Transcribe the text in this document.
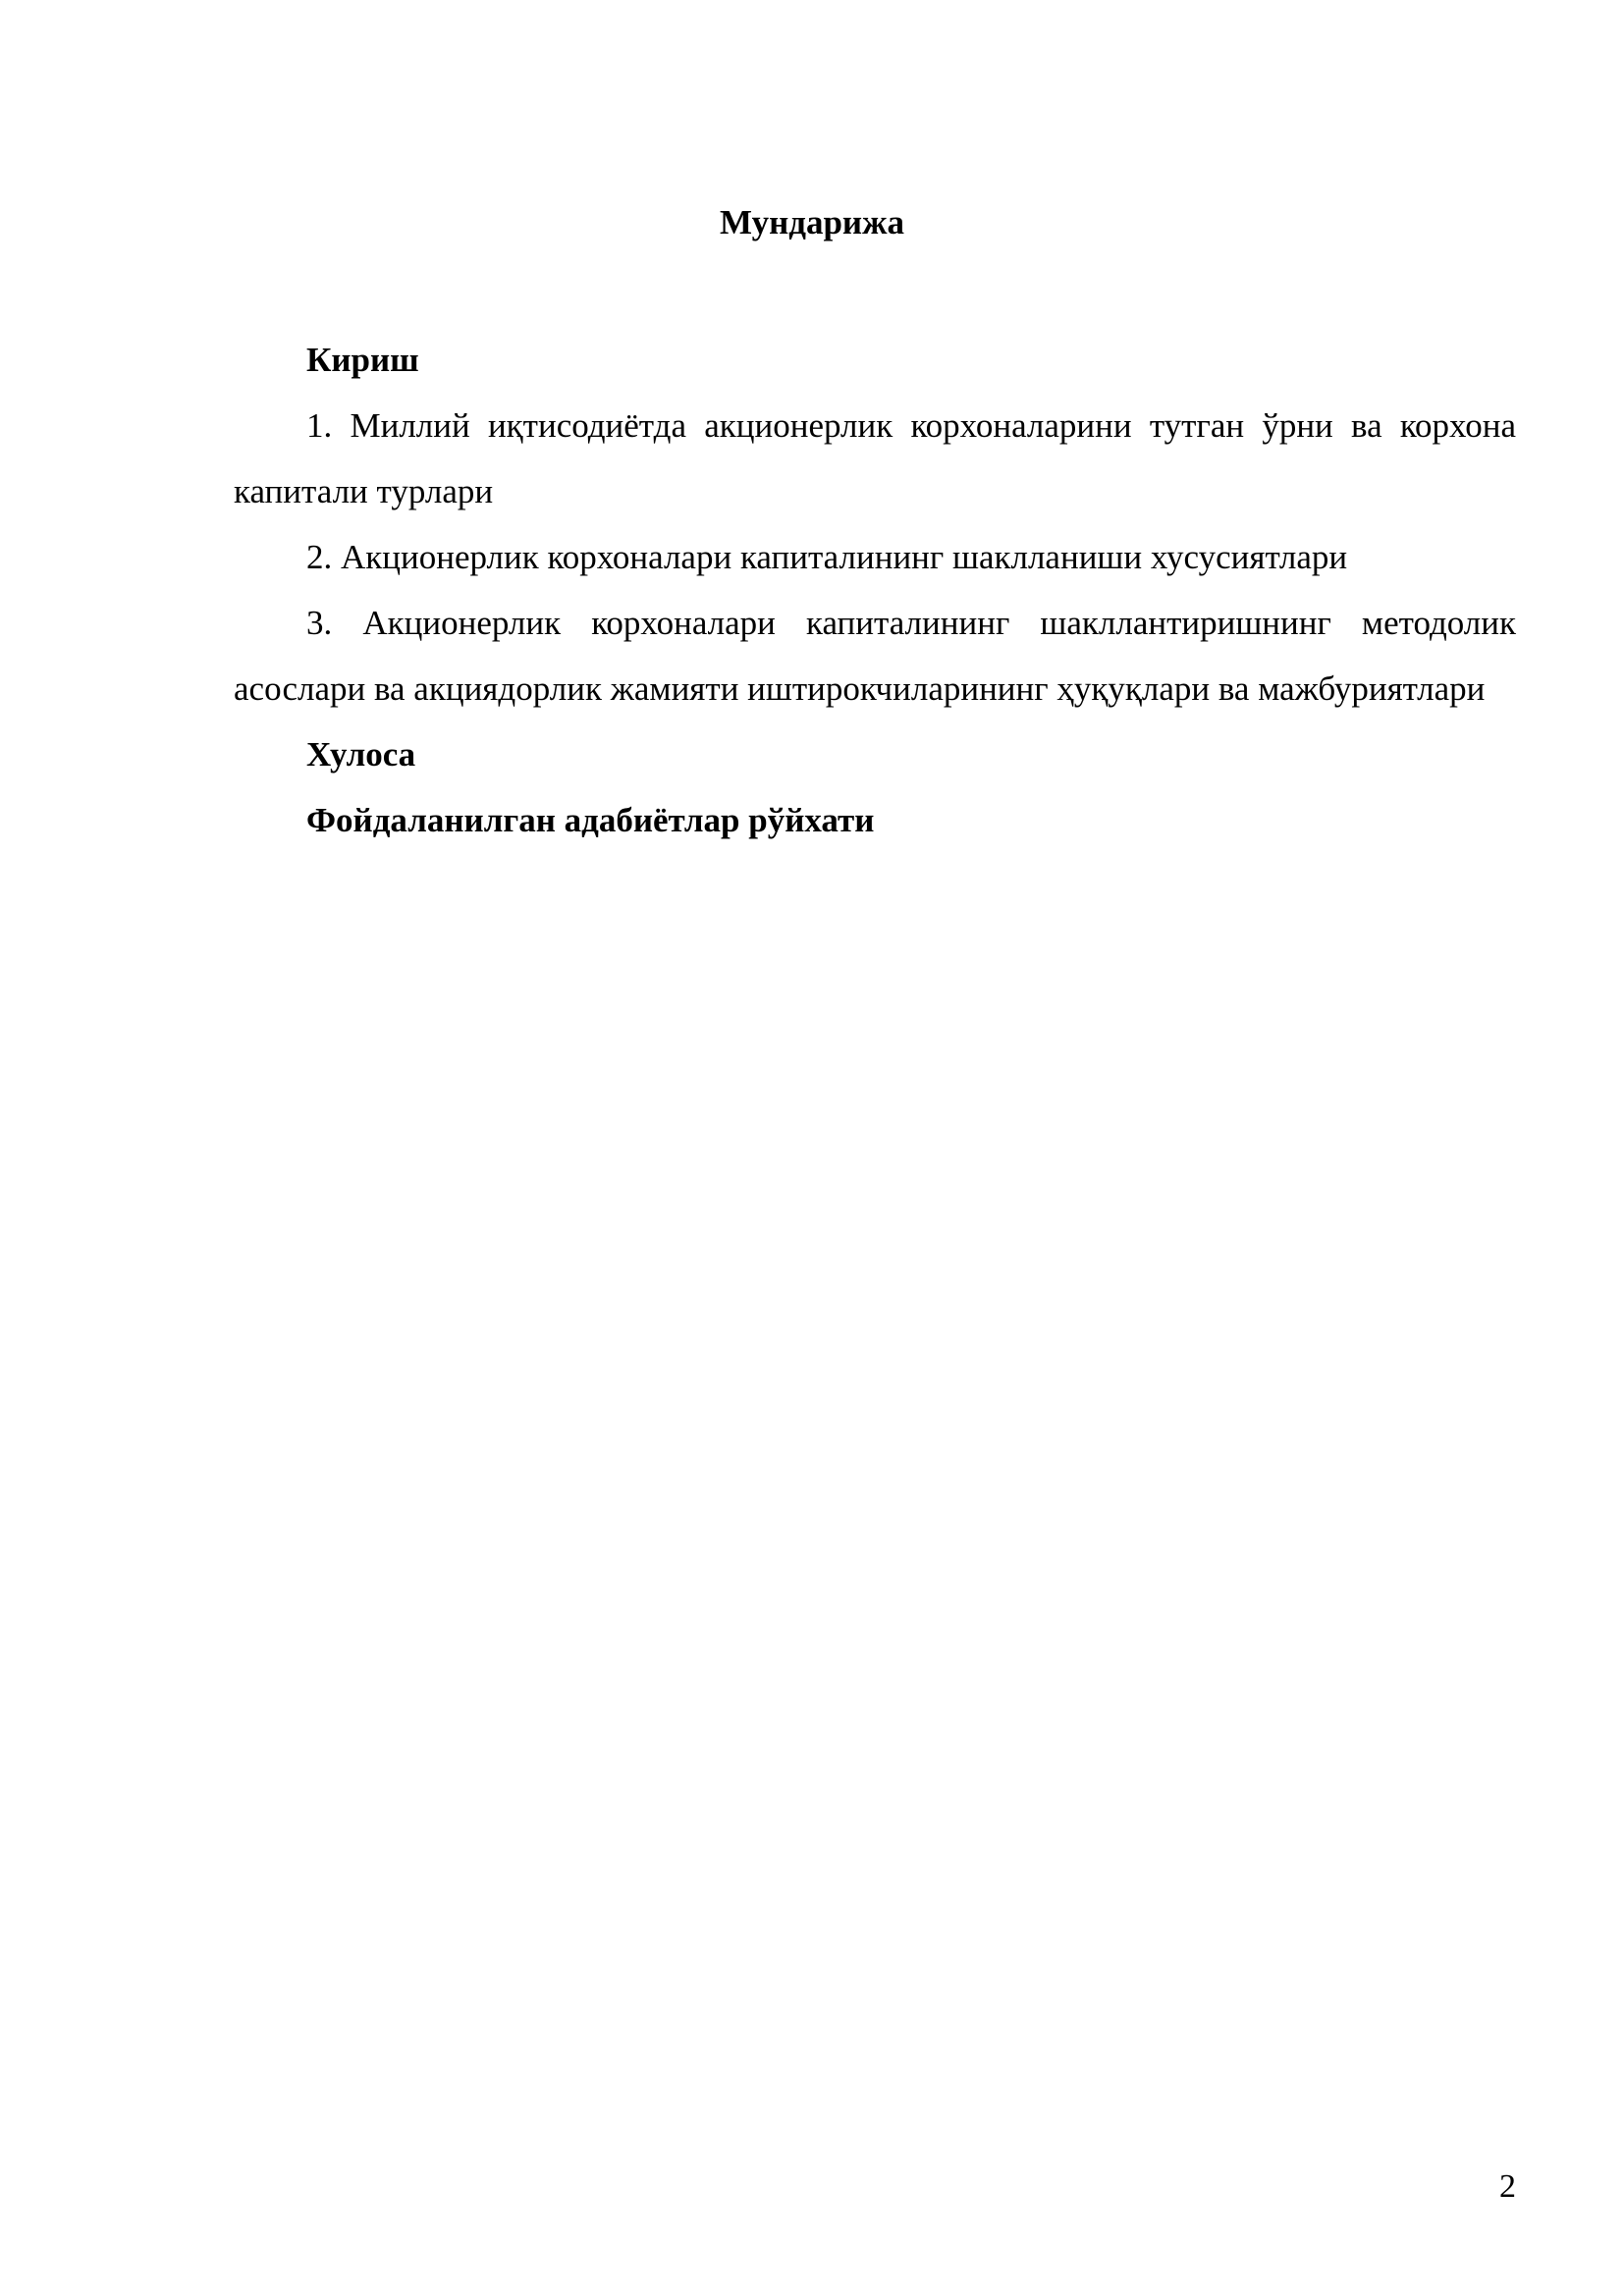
Мундарижа

Кириш

1. Миллий иқтисодиётда акционерлик корхоналарини тутган ўрни ва корхона капитали турлари

2. Акционерлик корхоналари капиталининг шаклланиши хусусиятлари

3. Акционерлик корхоналари капиталининг шакллантиришнинг методолик асослари ва акциядорлик жамияти иштирокчиларининг ҳуқуқлари ва мажбуриятлари

Хулоса

Фойдаланилган адабиётлар рўйхати

2
